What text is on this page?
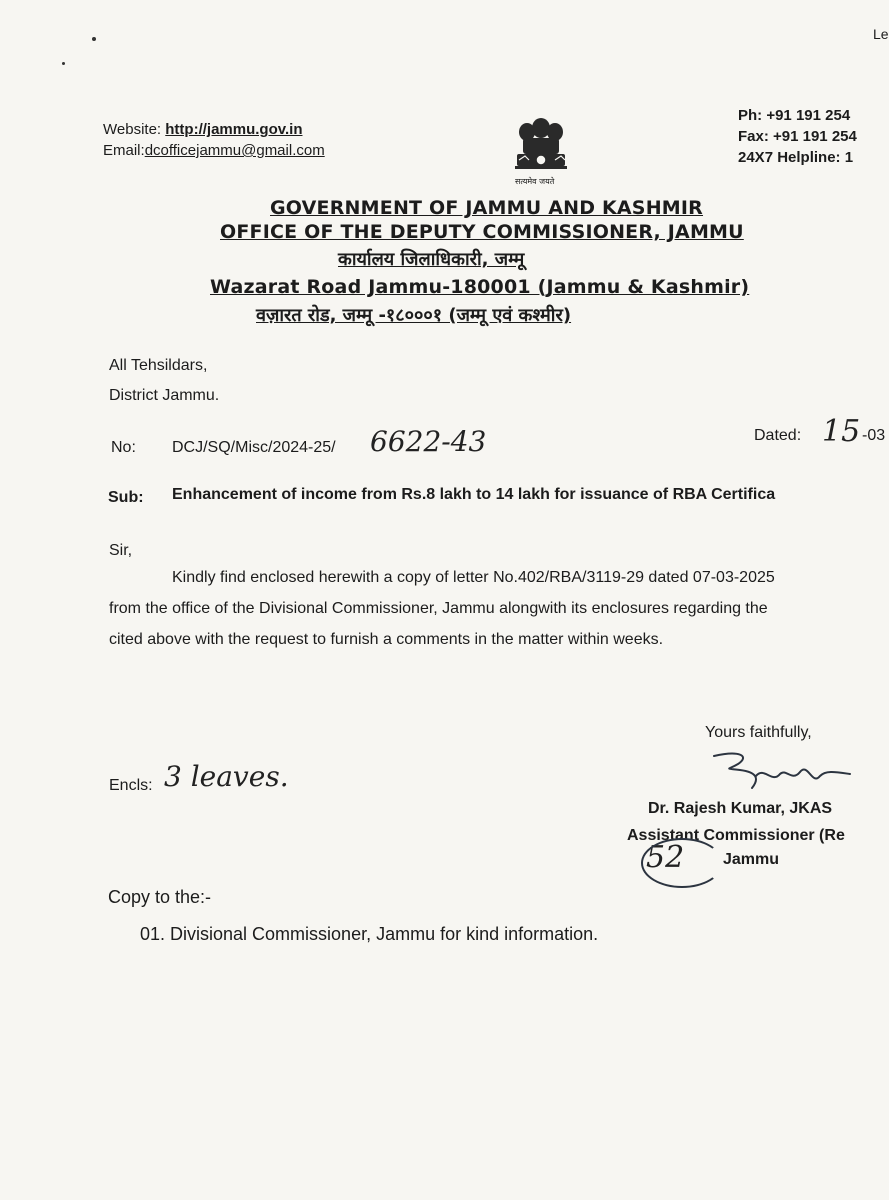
Le
Website: http://jammu.gov.in
Email:dcofficejammu@gmail.com
सत्यमेव जयते
Ph: +91 191 254
Fax: +91 191 254
24X7 Helpline: 1
GOVERNMENT OF JAMMU AND KASHMIR
OFFICE OF THE DEPUTY COMMISSIONER, JAMMU
कार्यालय जिलाधिकारी, जम्मू
Wazarat Road Jammu-180001 (Jammu & Kashmir)
वज़ारत रोड, जम्मू -१८०००१ (जम्मू एवं कश्मीर)
All Tehsildars,
District Jammu.
No: DCJ/SQ/Misc/2024-25/ 6622-43	Dated: 15 -03
Sub: Enhancement of income from Rs.8 lakh to 14 lakh for issuance of RBA Certifica
Sir,
Kindly find enclosed herewith a copy of letter No.402/RBA/3119-29 dated 07-03-2025
from the office of the Divisional Commissioner, Jammu alongwith its enclosures regarding the
cited above with the request to furnish a comments in the matter within weeks.
Yours faithfully,
Dr. Rajesh Kumar, JKAS
Assistant Commissioner (Re
52 Jammu
Encls: 3 leaves.
Copy to the:-
01. Divisional Commissioner, Jammu for kind information.
